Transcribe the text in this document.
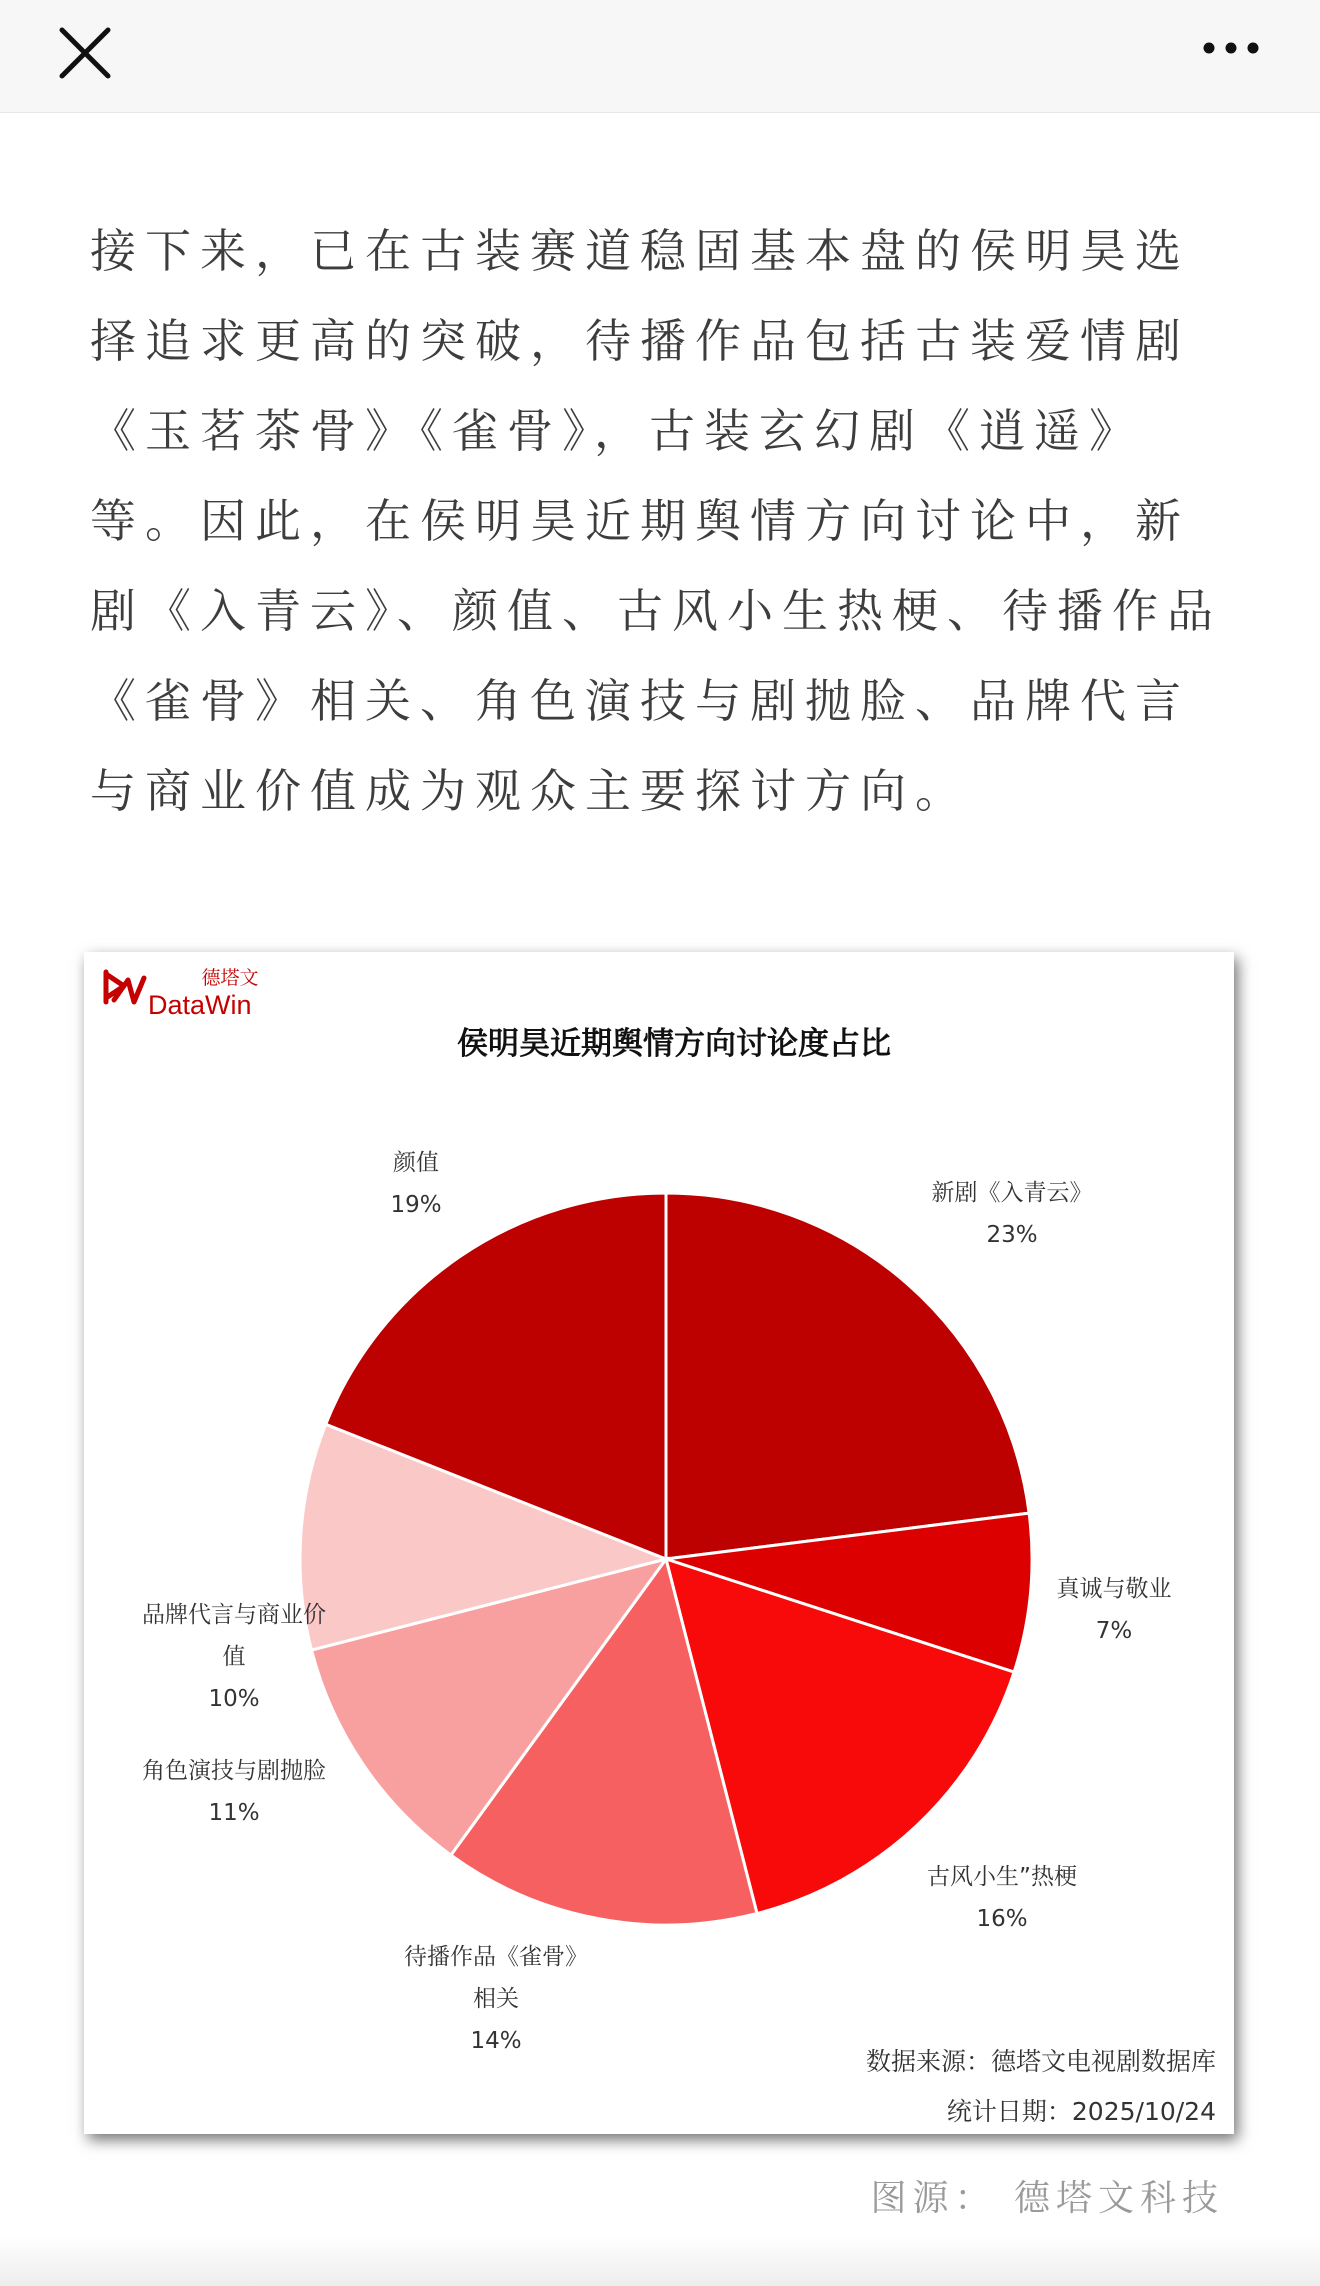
接下来，已在古装赛道稳固基本盘的侯明昊选择追求更高的突破，待播作品包括古装爱情剧《玉茗茶骨》《雀骨》，古装玄幻剧《逍遥》等。因此，在侯明昊近期舆情方向讨论中，新剧《入青云》、颜值、古风小生热梗、待播作品《雀骨》相关、角色演技与剧抛脸、品牌代言与商业价值成为观众主要探讨方向。

德塔文
DataWin
侯明昊近期舆情方向讨论度占比
新剧《入青云》 23%
真诚与敬业 7%
古风小生”热梗 16%
待播作品《雀骨》相关 14%
角色演技与剧抛脸 11%
品牌代言与商业价值 10%
颜值 19%
数据来源：德塔文电视剧数据库
统计日期：2025/10/24
图源： 德塔文科技
